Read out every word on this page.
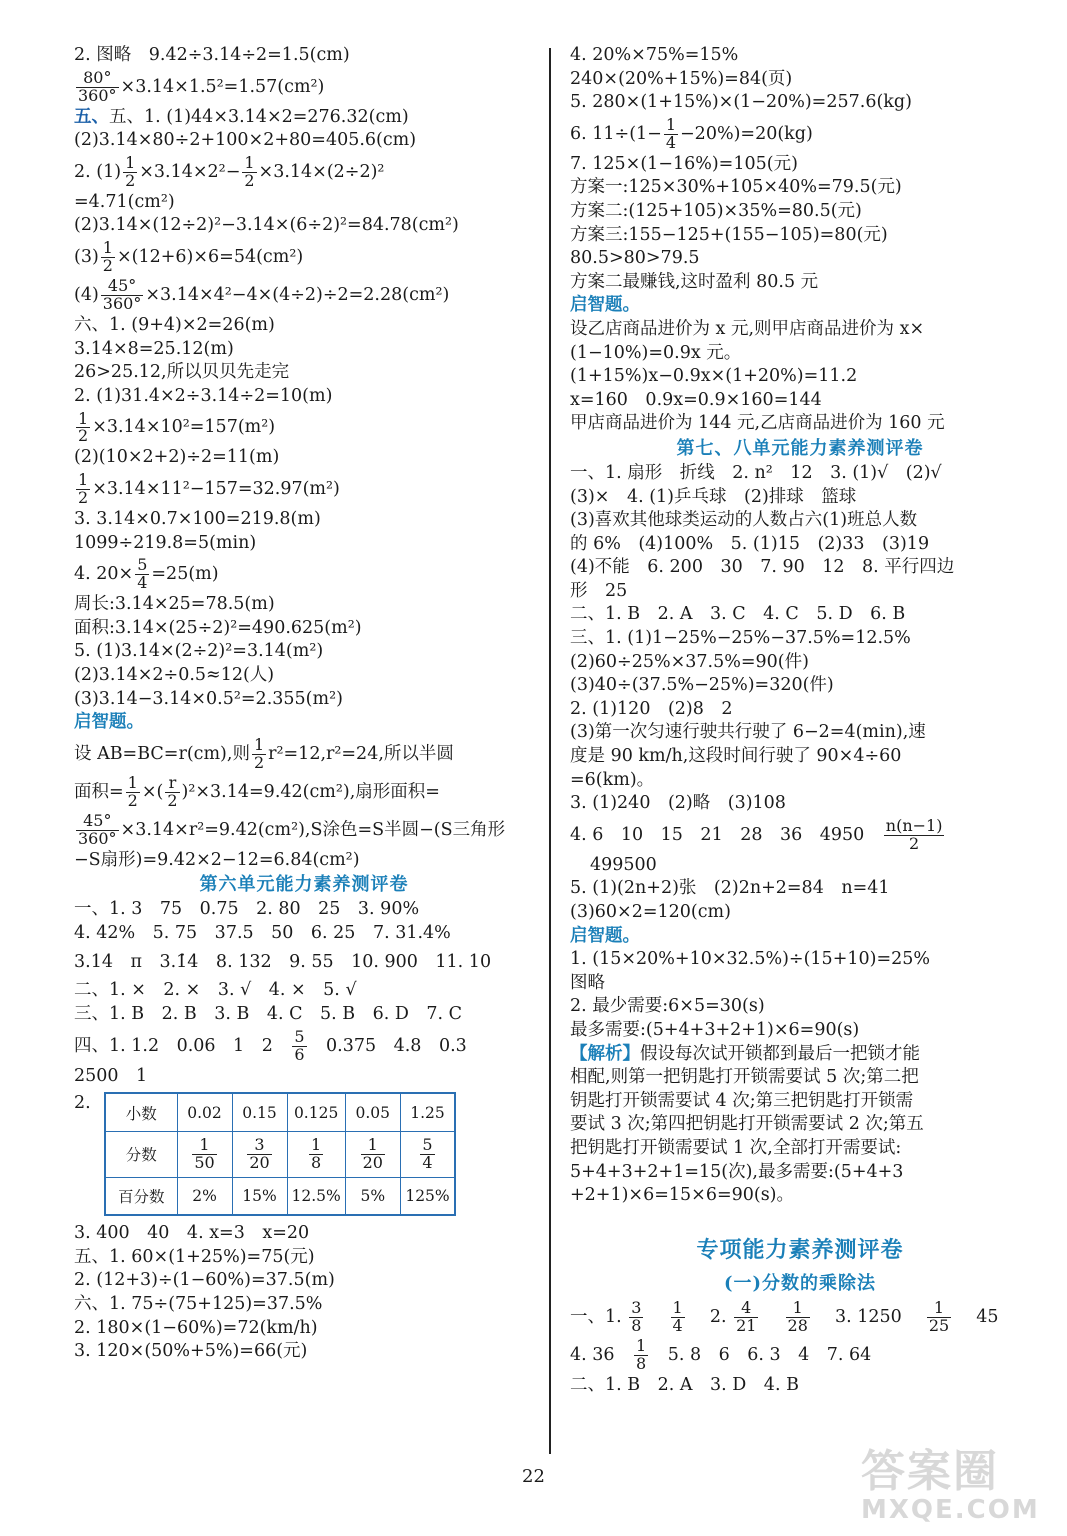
2. 图略　9.42÷3.14÷2=1.5(cm)
$\frac{80^\circ}{360^\circ} \times 3.14\times 1.5^2=1.57(cm^2)$
五、五、1. (1)44×3.14×2=276.32(cm)
(2)3.14×80÷2+100×2+80=405.6(cm)
2. $(1) \frac{1}{2} \times 3.14\times 2^2- \frac{1}{2} \times 3.14\times(2\div 2)^2$
=4.71(cm²)
(2)3.14×(12÷2)²−3.14×(6÷2)²=84.78(cm²)
$(3) \frac{1}{2} \times(12+6)\times 6=54(cm^2)$
$(4) \frac{45^\circ}{360^\circ} \times 3.14\times 4^2-4\times(4\div 2)\div 2=2.28(cm^2)$
六、1. (9+4)×2=26(m)
3.14×8=25.12(m)
26>25.12,所以贝贝先走完
2. (1)31.4×2÷3.14÷2=10(m)
$\frac{1}{2} \times 3.14\times 10^2=157(m^2)$
(2)(10×2+2)÷2=11(m)
$\frac{1}{2} \times 3.14\times 11^2-157=32.97(m^2)$
3. 3.14×0.7×100=219.8(m)
1099÷219.8=5(min)
4. $20\times \frac{5}{4} =25(m)$
周长:3.14×25=78.5(m)
面积:3.14×(25÷2)²=490.625(m²)
5. (1)3.14×(2÷2)²=3.14(m²)
(2)3.14×2÷0.5≈12(人)
(3)3.14−3.14×0.5²=2.355(m²)
启智题。
设 AB=BC=r(cm),则 $\frac{1}{2} r^2=12,r^2=24$,所以半圆
面积= $\frac{1}{2}$ ×( $\frac{r}{2} )^2\times 3.14=9.42(cm^2)$,扇形面积=
$\frac{45^\circ}{360^\circ} \times 3.14\times r^2=9.42(cm^2),S$涂色=S半圆−(S三角形
−S扇形)=9.42×2−12=6.84(cm²)
第六单元能力素养测评卷
一、1. 3　75　0.75　2. 80　25　3. 90%
4. 42%　5. 75　37.5　50　6. 25　7. 31.4%
3.14　π　3.1̇4̇　8. 132　9. 55　10. 900　11. 10
二、1. ×　2. ×　3. √　4. ×　5. √
三、1. B　2. B　3. B　4. C　5. B　6. D　7. C
四、1. 1.2　0.06　1　2　 $\frac{5}{6}$
　 0.375　4.8　0.3
2500　1
2.
小数	0.02	0.15	0.125	0.05	1.25
分数	$\frac{1}{50}$	$\frac{3}{20}$	$\frac{1}{8}$	$\frac{1}{20}$	$\frac{5}{4}$

百分数	2%	15%	12.5%	5%	125%
3. 400　40　4. x=3　x=20
五、1. 60×(1+25%)=75(元)
2. (12+3)÷(1−60%)=37.5(m)
六、1. 75÷(75+125)=37.5%
2. 180×(1−60%)=72(km/h)
3. 120×(50%+5%)=66(元)
4. 20%×75%=15%
240×(20%+15%)=84(页)
5. 280×(1+15%)×(1−20%)=257.6(kg)
6. $11\div(1- \frac{1}{4} -20\%)=20(kg)$
7. 125×(1−16%)=105(元)
方案一:125×30%+105×40%=79.5(元)
方案二:(125+105)×35%=80.5(元)
方案三:155−125+(155−105)=80(元)
80.5>80>79.5
方案二最赚钱,这时盈利 80.5 元
启智题。
设乙店商品进价为 x 元,则甲店商品进价为 x×
(1−10%)=0.9x 元。
(1+15%)x−0.9x×(1+20%)=11.2
x=160　0.9x=0.9×160=144
甲店商品进价为 144 元,乙店商品进价为 160 元
第七、八单元能力素养测评卷
一、1. 扇形　折线　2. n²　12　3. (1)√　(2)√
(3)×　4. (1)乒乓球　(2)排球　篮球
(3)喜欢其他球类运动的人数占六(1)班总人数
的 6%　(4)100%　5. (1)15　(2)33　(3)19
(4)不能　6. 200　30　7. 90　12　8. 平行四边
形　25
二、1. B　2. A　3. C　4. C　5. D　6. B
三、1. (1)1−25%−25%−37.5%=12.5%
(2)60÷25%×37.5%=90(件)
(3)40÷(37.5%−25%)=320(件)
2. (1)120　(2)8　2
(3)第一次匀速行驶共行驶了 6−2=4(min),速
度是 90 km/h,这段时间行驶了 90×4÷60
=6(km)。
3. (1)240　(2)略　(3)108
4. 6　10　15　21　28　36　4950　 $\frac{n(n-1)}{2}$
499500
5. (1)(2n+2)张　(2)2n+2=84　n=41
(3)60×2=120(cm)
启智题。
1. (15×20%+10×32.5%)÷(15+10)=25%
图略
2. 最少需要:6×5=30(s)
最多需要:(5+4+3+2+1)×6=90(s)
【解析】假设每次试开锁都到最后一把锁才能
相配,则第一把钥匙打开锁需要试 5 次;第二把
钥匙打开锁需要试 4 次;第三把钥匙打开锁需
要试 3 次;第四把钥匙打开锁需要试 2 次;第五
把钥匙打开锁需要试 1 次,全部打开需要试:
5+4+3+2+1=15(次),最多需要:(5+4+3
+2+1)×6=15×6=90(s)。
专项能力素养测评卷
(一)分数的乘除法
一、1. $\frac{3}{8}$
　 $\frac{1}{4}$
　 2. $\frac{4}{21}$
　 $\frac{1}{28}$
　 3. 1250　 $\frac{1}{25}$
　 45
4. 36　 $\frac{1}{8}$
　 5. 8　6　6. 3　4　7. 64
二、1. B　2. A　3. D　4. B
22	答案圈
MXQE.COM
